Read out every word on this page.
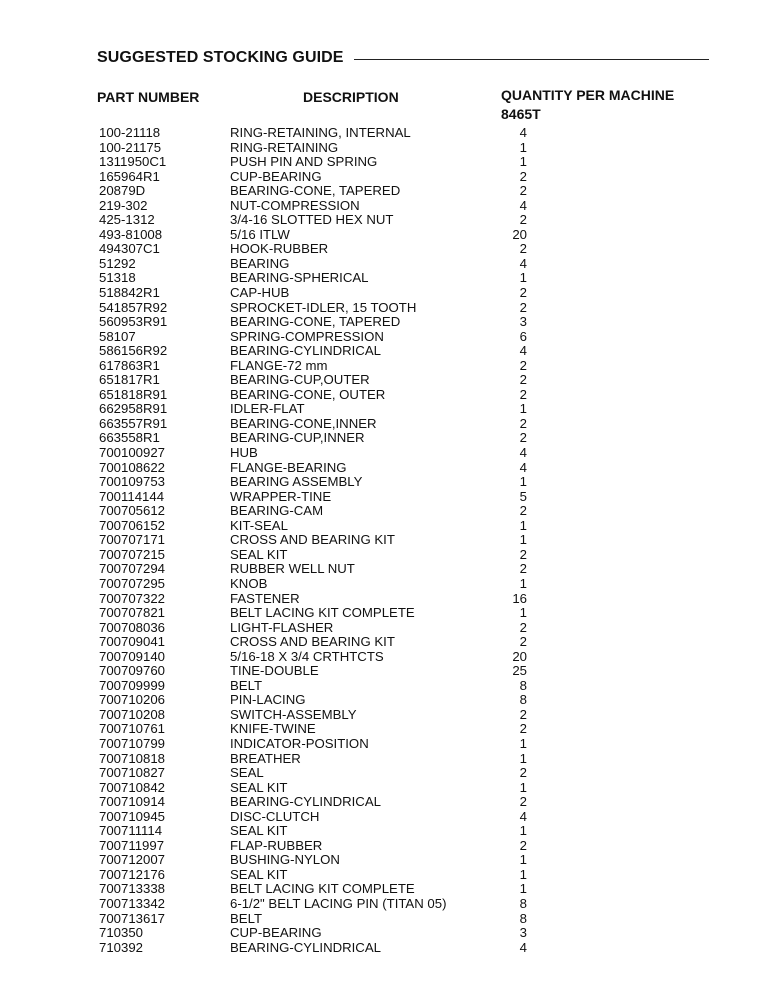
SUGGESTED STOCKING GUIDE
PART NUMBER	DESCRIPTION	QUANTITY PER MACHINE
8465T
100-21118	RING-RETAINING, INTERNAL	4
100-21175	RING-RETAINING	1
1311950C1	PUSH PIN AND SPRING	1
165964R1	CUP-BEARING	2
20879D	BEARING-CONE, TAPERED	2
219-302	NUT-COMPRESSION	4
425-1312	3/4-16 SLOTTED HEX NUT	2
493-81008	5/16 ITLW	20
494307C1	HOOK-RUBBER	2
51292	BEARING	4
51318	BEARING-SPHERICAL	1
518842R1	CAP-HUB	2
541857R92	SPROCKET-IDLER, 15 TOOTH	2
560953R91	BEARING-CONE, TAPERED	3
58107	SPRING-COMPRESSION	6
586156R92	BEARING-CYLINDRICAL	4
617863R1	FLANGE-72 mm	2
651817R1	BEARING-CUP,OUTER	2
651818R91	BEARING-CONE, OUTER	2
662958R91	IDLER-FLAT	1
663557R91	BEARING-CONE,INNER	2
663558R1	BEARING-CUP,INNER	2
700100927	HUB	4
700108622	FLANGE-BEARING	4
700109753	BEARING ASSEMBLY	1
700114144	WRAPPER-TINE	5
700705612	BEARING-CAM	2
700706152	KIT-SEAL	1
700707171	CROSS AND BEARING KIT	1
700707215	SEAL KIT	2
700707294	RUBBER WELL NUT	2
700707295	KNOB	1
700707322	FASTENER	16
700707821	BELT LACING KIT COMPLETE	1
700708036	LIGHT-FLASHER	2
700709041	CROSS AND BEARING KIT	2
700709140	5/16-18 X 3/4 CRTHTCTS	20
700709760	TINE-DOUBLE	25
700709999	BELT	8
700710206	PIN-LACING	8
700710208	SWITCH-ASSEMBLY	2
700710761	KNIFE-TWINE	2
700710799	INDICATOR-POSITION	1
700710818	BREATHER	1
700710827	SEAL	2
700710842	SEAL KIT	1
700710914	BEARING-CYLINDRICAL	2
700710945	DISC-CLUTCH	4
700711114	SEAL KIT	1
700711997	FLAP-RUBBER	2
700712007	BUSHING-NYLON	1
700712176	SEAL KIT	1
700713338	BELT LACING KIT COMPLETE	1
700713342	6-1/2" BELT LACING PIN (TITAN 05)	8
700713617	BELT	8
710350	CUP-BEARING	3
710392	BEARING-CYLINDRICAL	4
